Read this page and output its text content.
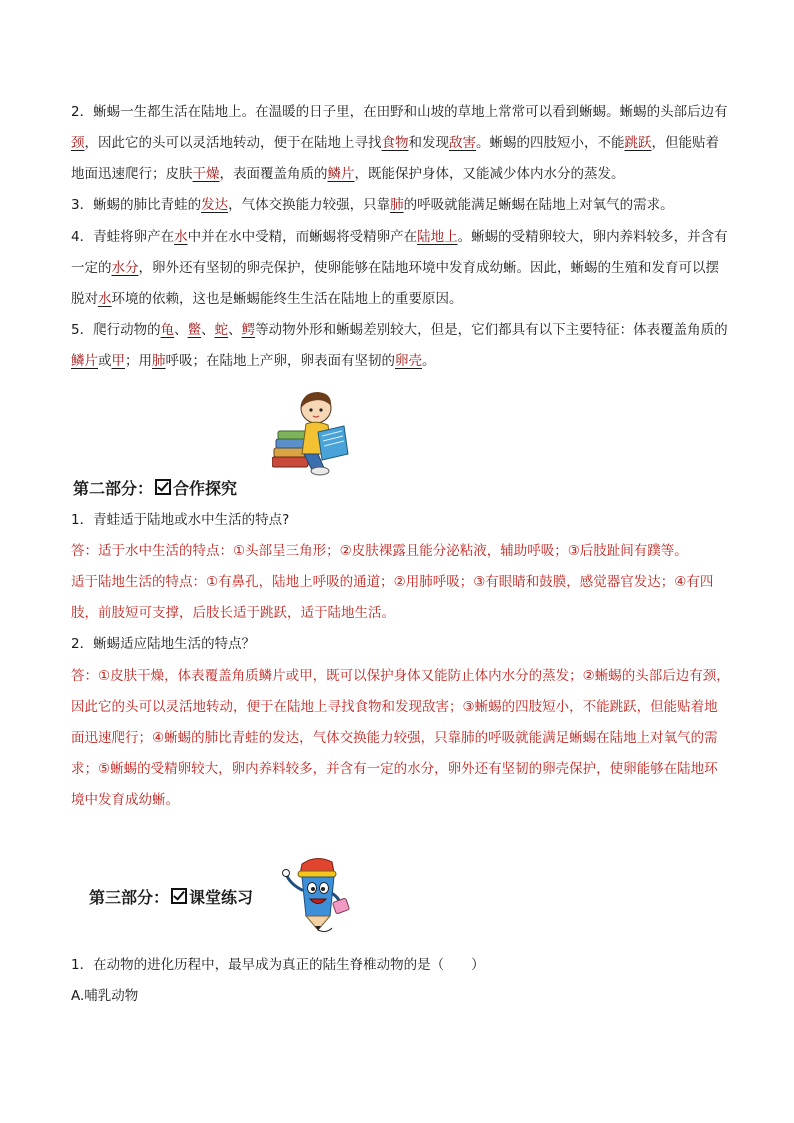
2．蜥蜴一生都生活在陆地上。在温暖的日子里，在田野和山坡的草地上常常可以看到蜥蜴。蜥蜴的头部后边有颈，因此它的头可以灵活地转动，便于在陆地上寻找食物和发现敌害。蜥蜴的四肢短小，不能跳跃，但能贴着地面迅速爬行；皮肤干燥，表面覆盖角质的鳞片，既能保护身体，又能减少体内水分的蒸发。

3．蜥蜴的肺比青蛙的发达，气体交换能力较强，只靠肺的呼吸就能满足蜥蜴在陆地上对氧气的需求。

4．青蛙将卵产在水中并在水中受精，而蜥蜴将受精卵产在陆地上。蜥蜴的受精卵较大，卵内养料较多，并含有一定的水分，卵外还有坚韧的卵壳保护，使卵能够在陆地环境中发育成幼蜥。因此，蜥蜴的生殖和发育可以摆脱对水环境的依赖，这也是蜥蜴能终生生活在陆地上的重要原因。

5．爬行动物的龟、鳖、蛇、鳄等动物外形和蜥蜴差别较大，但是，它们都具有以下主要特征：体表覆盖角质的鳞片或甲；用肺呼吸；在陆地上产卵，卵表面有坚韧的卵壳。

第二部分： 合作探究

1．青蛙适于陆地或水中生活的特点?

答：适于水中生活的特点：①头部呈三角形；②皮肤裸露且能分泌粘液，辅助呼吸；③后肢趾间有蹼等。

适于陆地生活的特点：①有鼻孔，陆地上呼吸的通道；②用肺呼吸；③有眼睛和鼓膜，感觉器官发达；④有四肢，前肢短可支撑，后肢长适于跳跃，适于陆地生活。

2．蜥蜴适应陆地生活的特点？

答：①皮肤干燥，体表覆盖角质鳞片或甲，既可以保护身体又能防止体内水分的蒸发；②蜥蜴的头部后边有颈，因此它的头可以灵活地转动，便于在陆地上寻找食物和发现敌害；③蜥蜴的四肢短小，不能跳跃，但能贴着地面迅速爬行；④蜥蜴的肺比青蛙的发达，气体交换能力较强，只靠肺的呼吸就能满足蜥蜴在陆地上对氧气的需求；⑤蜥蜴的受精卵较大，卵内养料较多，并含有一定的水分，卵外还有坚韧的卵壳保护，使卵能够在陆地环境中发育成幼蜥。

第三部分： 课堂练习

1．在动物的进化历程中，最早成为真正的陆生脊椎动物的是（　　）

A.哺乳动物
